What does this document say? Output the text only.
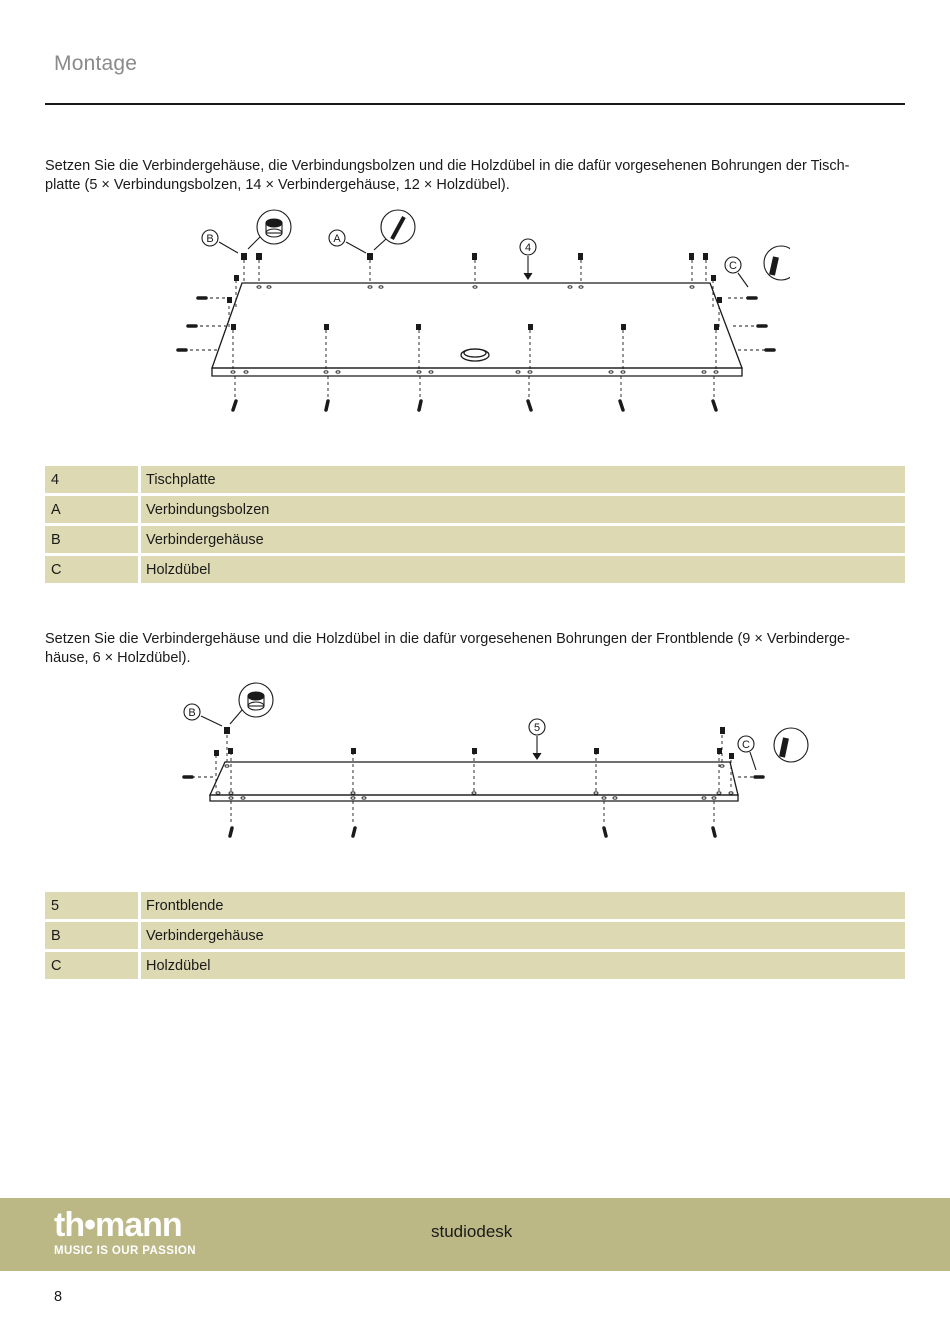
Montage
Setzen Sie die Verbindergehäuse, die Verbindungsbolzen und die Holzdübel in die dafür vorgesehenen Bohrungen der Tisch-
platte (5 × Verbindungsbolzen, 14 × Verbindergehäuse, 12 × Holzdübel).
B	A
4
C
4	Tischplatte
A	Verbindungsbolzen
B	Verbindergehäuse
C	Holzdübel
Setzen Sie die Verbindergehäuse und die Holzdübel in die dafür vorgesehenen Bohrungen der Frontblende (9 × Verbinderge-
häuse, 6 × Holzdübel).
B
5
C
5	Frontblende
B	Verbindergehäuse
C	Holzdübel
th•mann
MUSIC IS OUR PASSION
studiodesk
8
